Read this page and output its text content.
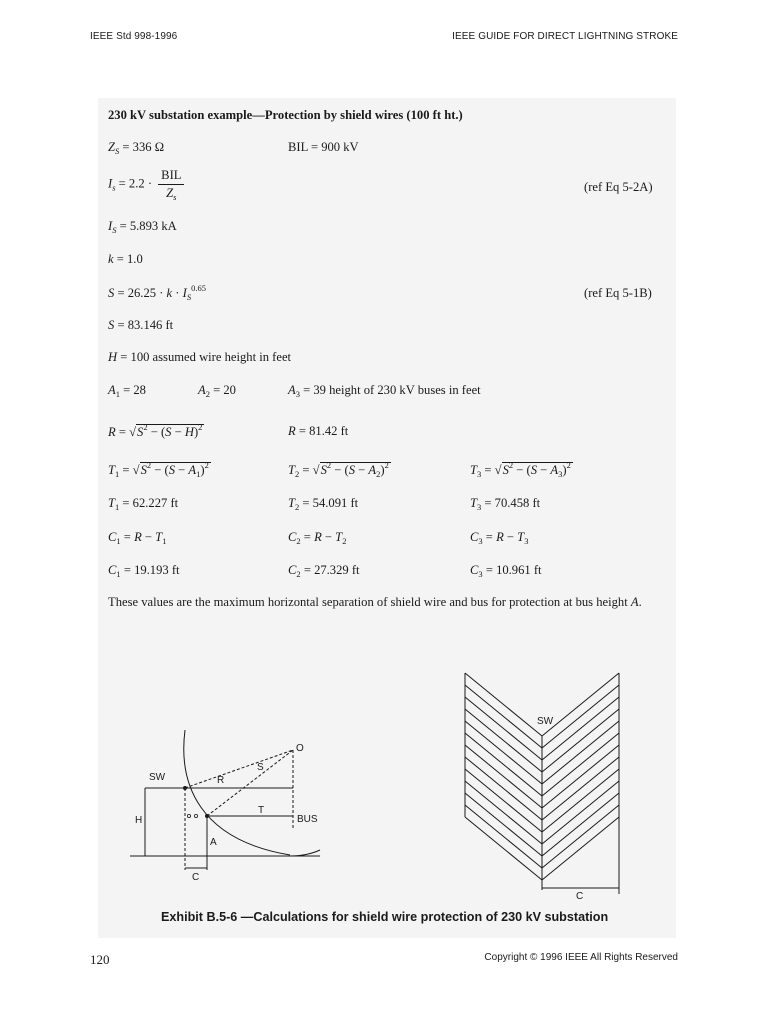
IEEE Std 998-1996	IEEE GUIDE FOR DIRECT LIGHTNING STROKE
230 kV substation example—Protection by shield wires (100 ft ht.)
$Z_S = 336$ Ω	BIL = 900 kV
$I_s = 2.2 \cdot \frac{\text{BIL}}{Z_s}$	(ref Eq 5-2A)
$I_S = 5.893$ kA
k = 1.0
$S = 26.25 \cdot k \cdot I_S^{0.65}$	(ref Eq 5-1B)
S = 83.146 ft
H = 100 assumed wire height in feet
$A_1 = 28$	$A_2 = 20$	$A_3 = 39$ height of 230 kV buses in feet
$R = √S^2 - (S - H)^2$	R = 81.42 ft
$T_1 = √S^2 - (S - A_1)^2$	$T_2 = √S^2 - (S - A_2)^2$	$T_3 = √S^2 - (S - A_3)^2$
$T_1 = 62.227$ ft	$T_2 = 54.091$ ft	$T_3 = 70.458$ ft
$C_1 = R - T_1$	$C_2 = R - T_2$	$C_3 = R - T_3$
$C_1 = 19.193$ ft	$C_2 = 27.329$ ft	$C_3 = 10.961$ ft
These values are the maximum horizontal separation of shield wire and bus for protection at bus height A.
SW	R
S
O
T
BUS
H
A
C
SW
C
Exhibit B.5-6 —Calculations for shield wire protection of 230 kV substation
120	Copyright © 1996 IEEE All Rights Reserved
